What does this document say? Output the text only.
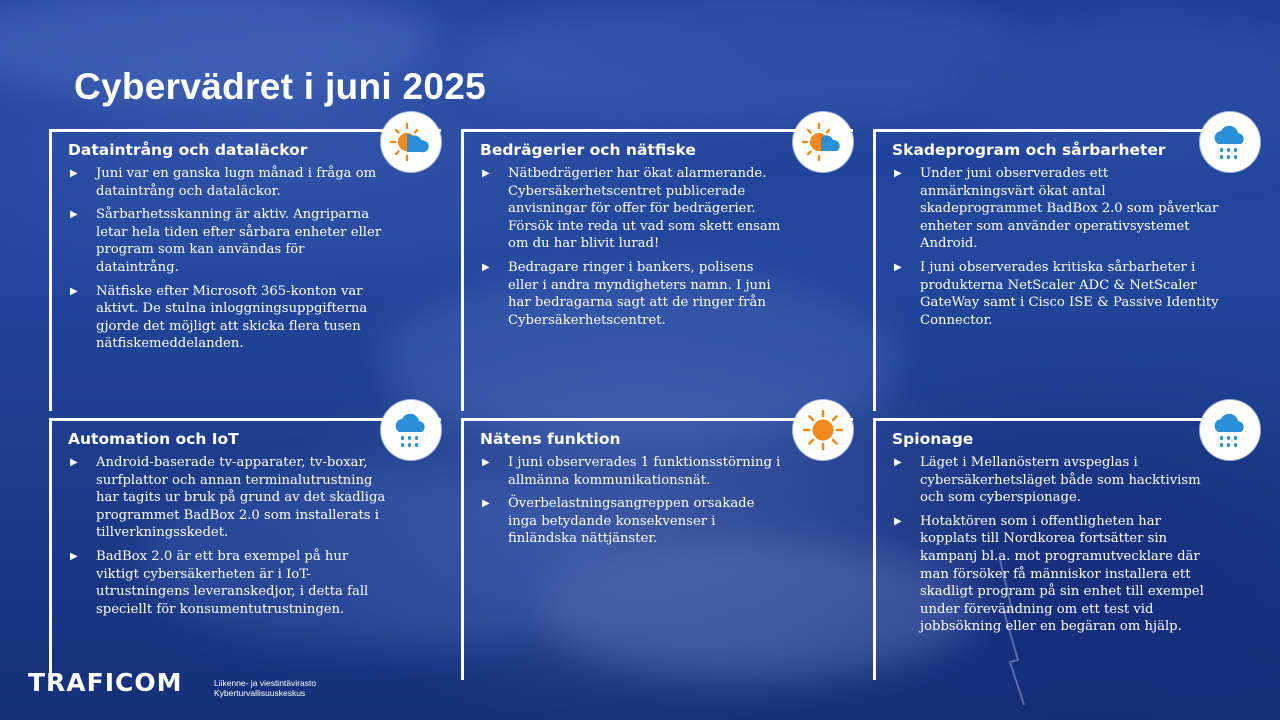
Cybervädret i juni 2025
Dataintrång och dataläckor
▶ Juni var en ganska lugn månad i fråga om dataintrång och dataläckor.
▶ Sårbarhetsskanning är aktiv. Angriparna letar hela tiden efter sårbara enheter eller program som kan användas för dataintrång.
▶ Nätfiske efter Microsoft 365-konton var aktivt. De stulna inloggningsuppgifterna gjorde det möjligt att skicka flera tusen nätfiskemeddelanden.
Bedrägerier och nätfiske
▶ Nätbedrägerier har ökat alarmerande. Cybersäkerhetscentret publicerade anvisningar för offer för bedrägerier. Försök inte reda ut vad som skett ensam om du har blivit lurad!
▶ Bedragare ringer i bankers, polisens eller i andra myndigheters namn. I juni har bedragarna sagt att de ringer från Cybersäkerhetscentret.
Skadeprogram och sårbarheter
▶ Under juni observerades ett anmärkningsvärt ökat antal skadeprogrammet BadBox 2.0 som påverkar enheter som använder operativsystemet Android.
▶ I juni observerades kritiska sårbarheter i produkterna NetScaler ADC & NetScaler GateWay samt i Cisco ISE & Passive Identity Connector.
Automation och IoT
▶ Android-baserade tv-apparater, tv-boxar, surfplattor och annan terminalutrustning har tagits ur bruk på grund av det skadliga programmet BadBox 2.0 som installerats i tillverkningsskedet.
▶ BadBox 2.0 är ett bra exempel på hur viktigt cybersäkerheten är i IoT-utrustningens leveranskedjor, i detta fall speciellt för konsumentutrustningen.
Nätens funktion
▶ I juni observerades 1 funktionsstörning i allmänna kommunikationsnät.
▶ Överbelastningsangreppen orsakade inga betydande konsekvenser i finländska nättjänster.
Spionage
▶ Läget i Mellanöstern avspeglas i cybersäkerhetsläget både som hacktivism och som cyberspionage.
▶ Hotaktören som i offentligheten har kopplats till Nordkorea fortsätter sin kampanj bl.a. mot programutvecklare där man försöker få människor installera ett skadligt program på sin enhet till exempel under förevändning om ett test vid jobbsökning eller en begäran om hjälp.
TRAFICOM	Liikenne- ja viestintävirasto
Kyberturvallisuuskeskus
